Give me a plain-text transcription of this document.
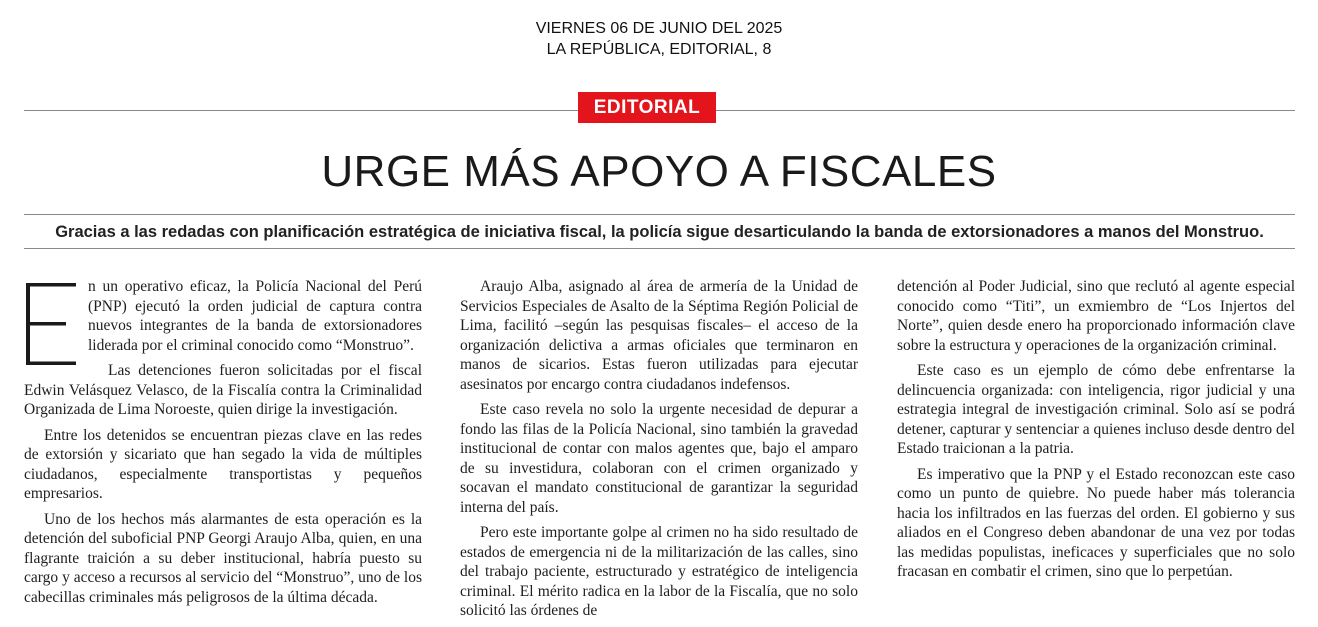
VIERNES 06 DE JUNIO DEL 2025
LA REPÚBLICA, EDITORIAL, 8
EDITORIAL
URGE MÁS APOYO A FISCALES

Gracias a las redadas con planificación estratégica de iniciativa fiscal, la policía sigue desarticulando la banda de extorsionadores a manos del Monstruo.

n un operativo eficaz, la Policía Nacional del Perú (PNP) ejecutó la orden judicial de captura contra nuevos integrantes de la banda de extorsionadores liderada por el criminal conocido como “Monstruo”.

Las detenciones fueron solicitadas por el fiscal Edwin Velásquez Velasco, de la Fiscalía contra la Criminalidad Organizada de Lima Noroeste, quien dirige la investigación.

Entre los detenidos se encuentran piezas clave en las redes de extorsión y sicariato que han segado la vida de múltiples ciudadanos, especialmente transportistas y pequeños empresarios.

Uno de los hechos más alarmantes de esta operación es la detención del suboficial PNP Georgi Araujo Alba, quien, en una flagrante traición a su deber institucional, habría puesto su cargo y acceso a recursos al servicio del “Monstruo”, uno de los cabecillas criminales más peligrosos de la última década.

Araujo Alba, asignado al área de armería de la Unidad de Servicios Especiales de Asalto de la Séptima Región Policial de Lima, facilitó –según las pesquisas fiscales– el acceso de la organización delictiva a armas oficiales que terminaron en manos de sicarios. Estas fueron utilizadas para ejecutar asesinatos por encargo contra ciudadanos indefensos.

Este caso revela no solo la urgente necesidad de depurar a fondo las filas de la Policía Nacional, sino también la gravedad institucional de contar con malos agentes que, bajo el amparo de su investidura, colaboran con el crimen organizado y socavan el mandato constitucional de garantizar la seguridad interna del país.

Pero este importante golpe al crimen no ha sido resultado de estados de emergencia ni de la militarización de las calles, sino del trabajo paciente, estructurado y estratégico de inteligencia criminal. El mérito radica en la labor de la Fiscalía, que no solo solicitó las órdenes de

detención al Poder Judicial, sino que reclutó al agente especial conocido como “Titi”, un exmiembro de “Los Injertos del Norte”, quien desde enero ha proporcionado información clave sobre la estructura y operaciones de la organización criminal.

Este caso es un ejemplo de cómo debe enfrentarse la delincuencia organizada: con inteligencia, rigor judicial y una estrategia integral de investigación criminal. Solo así se podrá detener, capturar y sentenciar a quienes incluso desde dentro del Estado traicionan a la patria.

Es imperativo que la PNP y el Estado reconozcan este caso como un punto de quiebre. No puede haber más tolerancia hacia los infiltrados en las fuerzas del orden. El gobierno y sus aliados en el Congreso deben abandonar de una vez por todas las medidas populistas, ineficaces y superficiales que no solo fracasan en combatir el crimen, sino que lo perpetúan.
